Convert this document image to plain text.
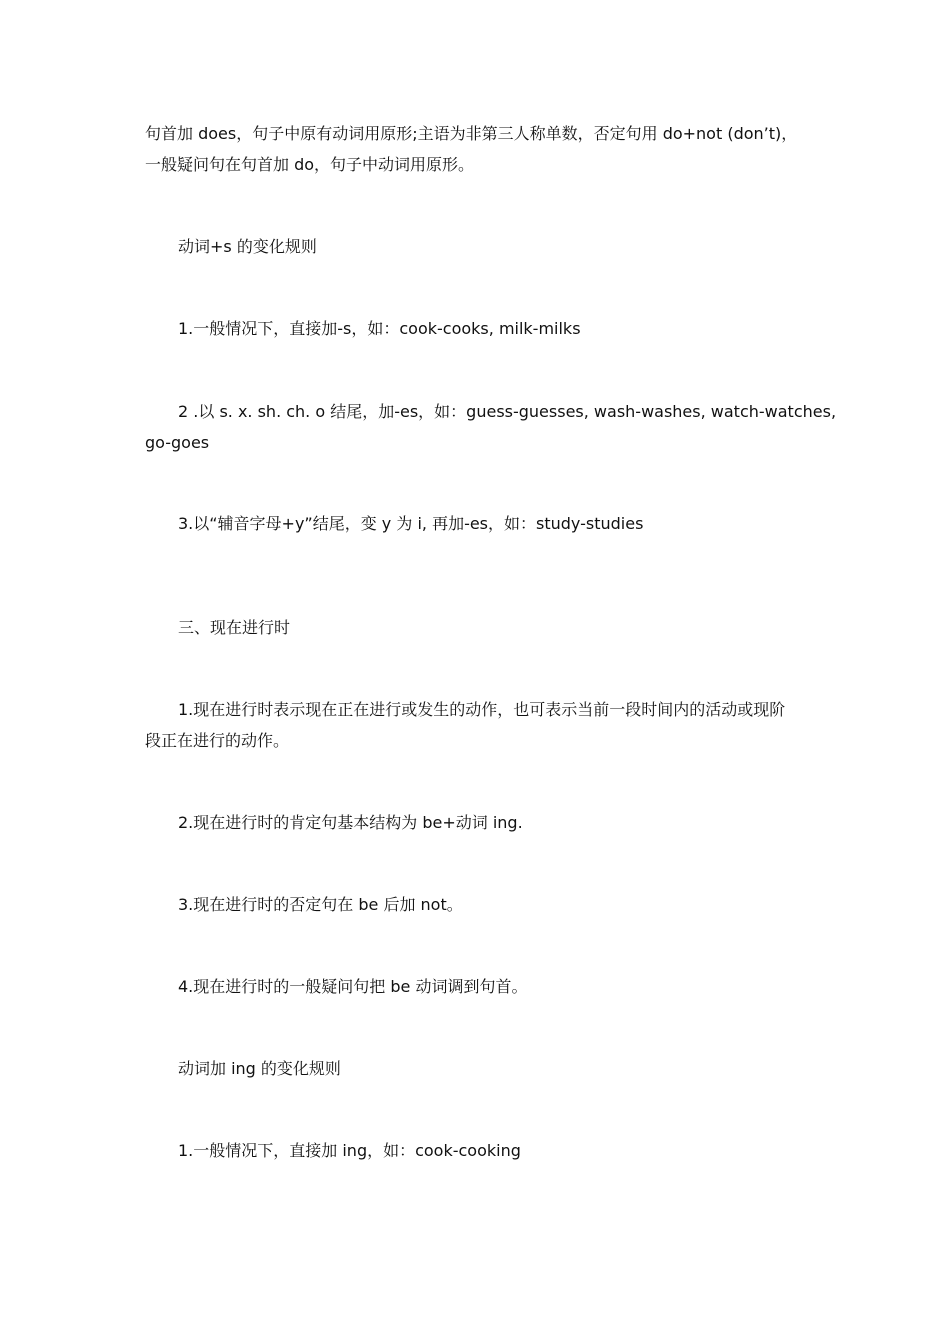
句首加 does，句子中原有动词用原形;主语为非第三人称单数，否定句用 do+not (don’t)，
一般疑问句在句首加 do，句子中动词用原形。
动词+s 的变化规则
1.一般情况下，直接加-s，如：cook-cooks, milk-milks
2 .以 s. x. sh. ch. o 结尾，加-es，如：guess-guesses, wash-washes, watch-watches,
go-goes
3.以“辅音字母+y”结尾，变 y 为 i, 再加-es，如：study-studies
三、现在进行时
1.现在进行时表示现在正在进行或发生的动作，也可表示当前一段时间内的活动或现阶
段正在进行的动作。
2.现在进行时的肯定句基本结构为 be+动词 ing.
3.现在进行时的否定句在 be 后加 not。
4.现在进行时的一般疑问句把 be 动词调到句首。
动词加 ing 的变化规则
1.一般情况下，直接加 ing，如：cook-cooking
